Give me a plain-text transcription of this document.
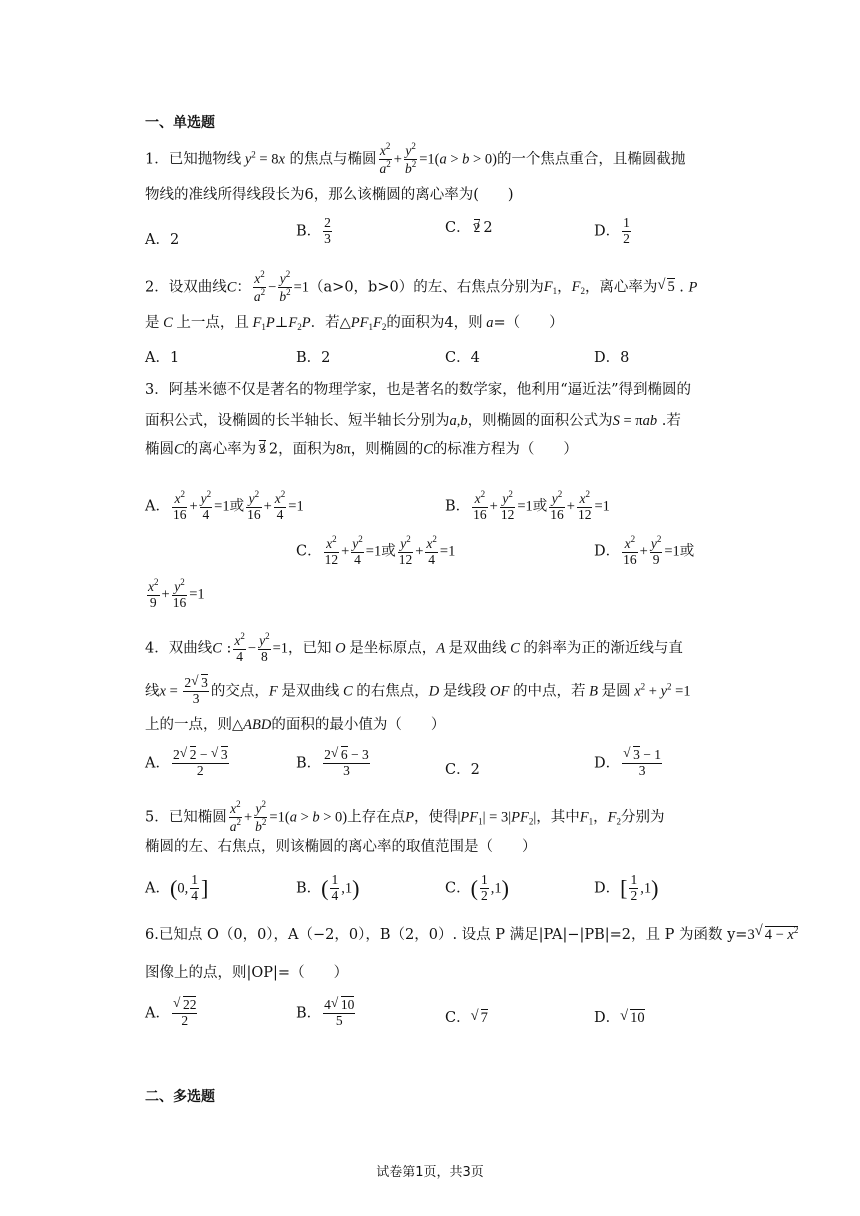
一、单选题
1．已知抛物线 $y^2 = 8x$ 的焦点与椭圆 $\frac{x^2}{a^2} + \frac{y^2}{b^2} =1(a > b > 0)$的一个焦点重合，且椭圆截抛
物线的准线所得线段长为6，那么该椭圆的离心率为(　　)
A．2
B． $\frac{2}{3}$	C． √ 2 2	D． $\frac{1}{2}$
2．设双曲线C： $\frac{x^2}{a^2} - \frac{y^2}{b^2} =1(a>0$，b>0）的左、右焦点分别为$F_1$，$F_2$，离心率为 √ 5 . P
是 C 上一点，且 $F_1P\perp F_2P$．若$\triangle PF_1F_2$的面积为4，则 a=（　　）
A．1	B．2	C．4	D．8
3．阿基米德不仅是著名的物理学家，也是著名的数学家，他利用“逼近法”得到椭圆的
面积公式，设椭圆的长半轴长、短半轴长分别为a,b，则椭圆的面积公式为S = πab .若
椭圆C的离心率为 √ 3 2，面积为8π，则椭圆的C的标准方程为（　　）
A． $\frac{x^2}{16} + \frac{y^2}{4} =1$或 $\frac{y^2}{16} + \frac{x^2}{4} =1$	B． $\frac{x^2}{16} + \frac{y^2}{12} =1$或 $\frac{y^2}{16} + \frac{x^2}{12} =1$
C． $\frac{x^2}{12} + \frac{y^2}{4} =1$或 $\frac{y^2}{12} + \frac{x^2}{4} =1$	D． $\frac{x^2}{16} + \frac{y^2}{9} =1$或
$\frac{x^2}{9} + \frac{y^2}{16} =1$
4．双曲线C : $\frac{x^2}{4} - \frac{y^2}{8} =1$，已知 O 是坐标原点，A 是双曲线 C 的斜率为正的渐近线与直
线$x = \frac{2 √ 3}{3}$ 的交点，F 是双曲线 C 的右焦点，D 是线段 OF 的中点，若 B 是圆 $x^2 + y^2 =1$
上的一点，则△ABD的面积的最小值为（　　）
A． $\frac{2 √ 2 - √ 3}{2}$	B． $\frac{2 √ 6 - 3}{3}$	C．2	D． √ $\frac{3 - 1}{3}$
5．已知椭圆 $\frac{x^2}{a^2} + \frac{y^2}{b^2} =1(a > b > 0)$上存在点P，使得$|PF_1| = 3|PF_2|$，其中$F_1$，$F_2$分别为
椭圆的左、右焦点，则该椭圆的离心率的取值范围是（　　）
A．(0, $\frac{1}{4}$ ]	B．( $\frac{1}{4} ,1$)	C．( $\frac{1}{2} ,1$)	D．[ $\frac{1}{2} ,1$)
6.已知点 O（0，0），A（−2，0），B（2，0）. 设点 P 满足|PA|−|PB|=2，且 P 为函数 y=3 √ $4 - x^2$
图像上的点，则|OP|=（　　）
A． √ $\frac{22}{2}$	B． $\frac{4 √ 10}{5}$	C． √ 7	D． √ 10
二、多选题
试卷第1页，共3页
